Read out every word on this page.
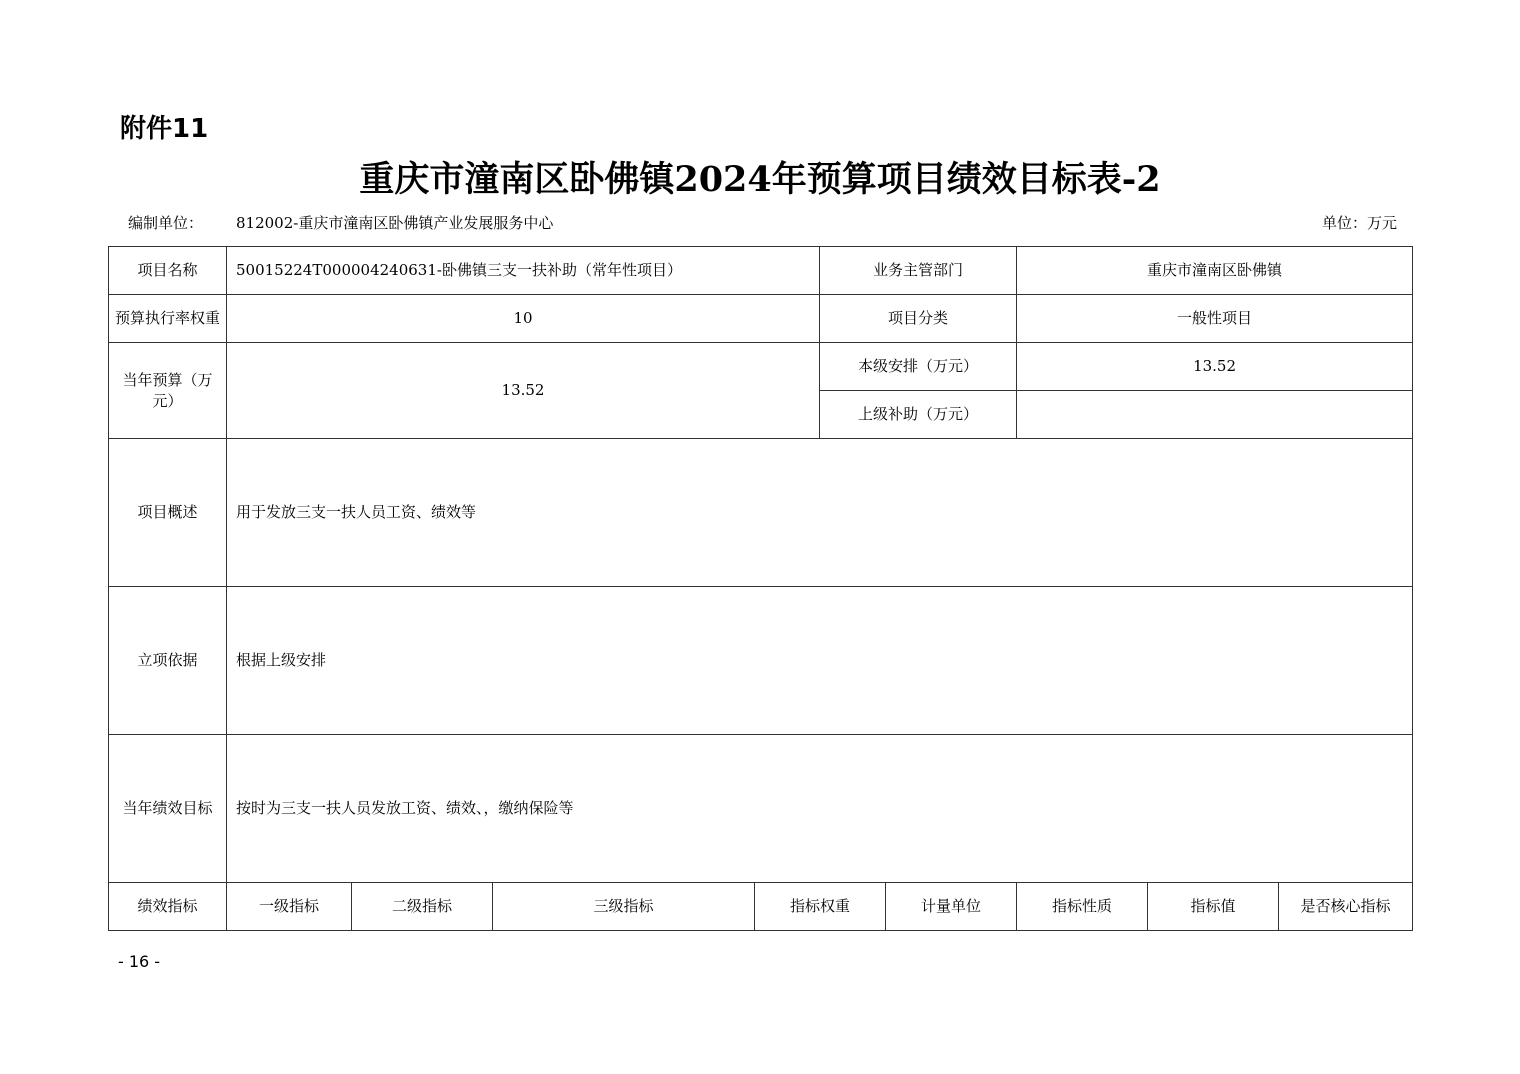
附件11
重庆市潼南区卧佛镇2024年预算项目绩效目标表-2
编制单位： 812002-重庆市潼南区卧佛镇产业发展服务中心	单位：万元
项目名称	50015224T000004240631-卧佛镇三支一扶补助（常年性项目）				业务主管部门		重庆市潼南区卧佛镇		
预算执行率权重	10				项目分类		一般性项目		
当年预算（万元）	13.52				本级安排（万元）		13.52		
					上级补助（万元）				
项目概述	用于发放三支一扶人员工资、绩效等								
立项依据	根据上级安排								
当年绩效目标	按时为三支一扶人员发放工资、绩效、，缴纳保险等								
绩效指标	一级指标	二级指标	三级指标	指标权重		计量单位	指标性质	指标值	是否核心指标
- 16 -
